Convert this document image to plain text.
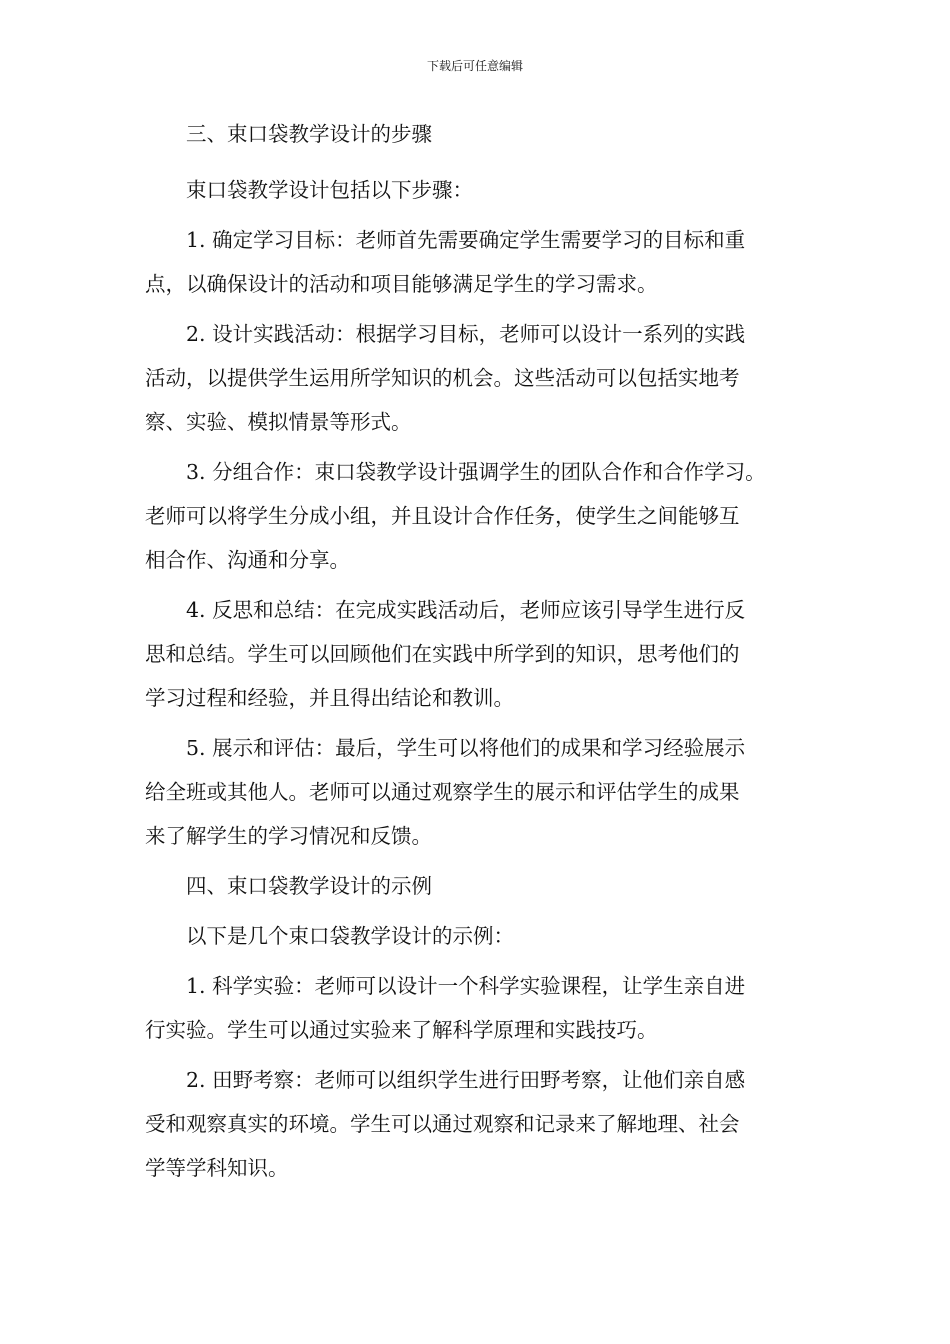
下载后可任意编辑
三、束口袋教学设计的步骤
束口袋教学设计包括以下步骤：
1. 确定学习目标：老师首先需要确定学生需要学习的目标和重
点，以确保设计的活动和项目能够满足学生的学习需求。
2. 设计实践活动：根据学习目标，老师可以设计一系列的实践
活动，以提供学生运用所学知识的机会。这些活动可以包括实地考
察、实验、模拟情景等形式。
3. 分组合作：束口袋教学设计强调学生的团队合作和合作学习。
老师可以将学生分成小组，并且设计合作任务，使学生之间能够互
相合作、沟通和分享。
4. 反思和总结：在完成实践活动后，老师应该引导学生进行反
思和总结。学生可以回顾他们在实践中所学到的知识，思考他们的
学习过程和经验，并且得出结论和教训。
5. 展示和评估：最后，学生可以将他们的成果和学习经验展示
给全班或其他人。老师可以通过观察学生的展示和评估学生的成果
来了解学生的学习情况和反馈。
四、束口袋教学设计的示例
以下是几个束口袋教学设计的示例：
1. 科学实验：老师可以设计一个科学实验课程，让学生亲自进
行实验。学生可以通过实验来了解科学原理和实践技巧。
2. 田野考察：老师可以组织学生进行田野考察，让他们亲自感
受和观察真实的环境。学生可以通过观察和记录来了解地理、社会
学等学科知识。
